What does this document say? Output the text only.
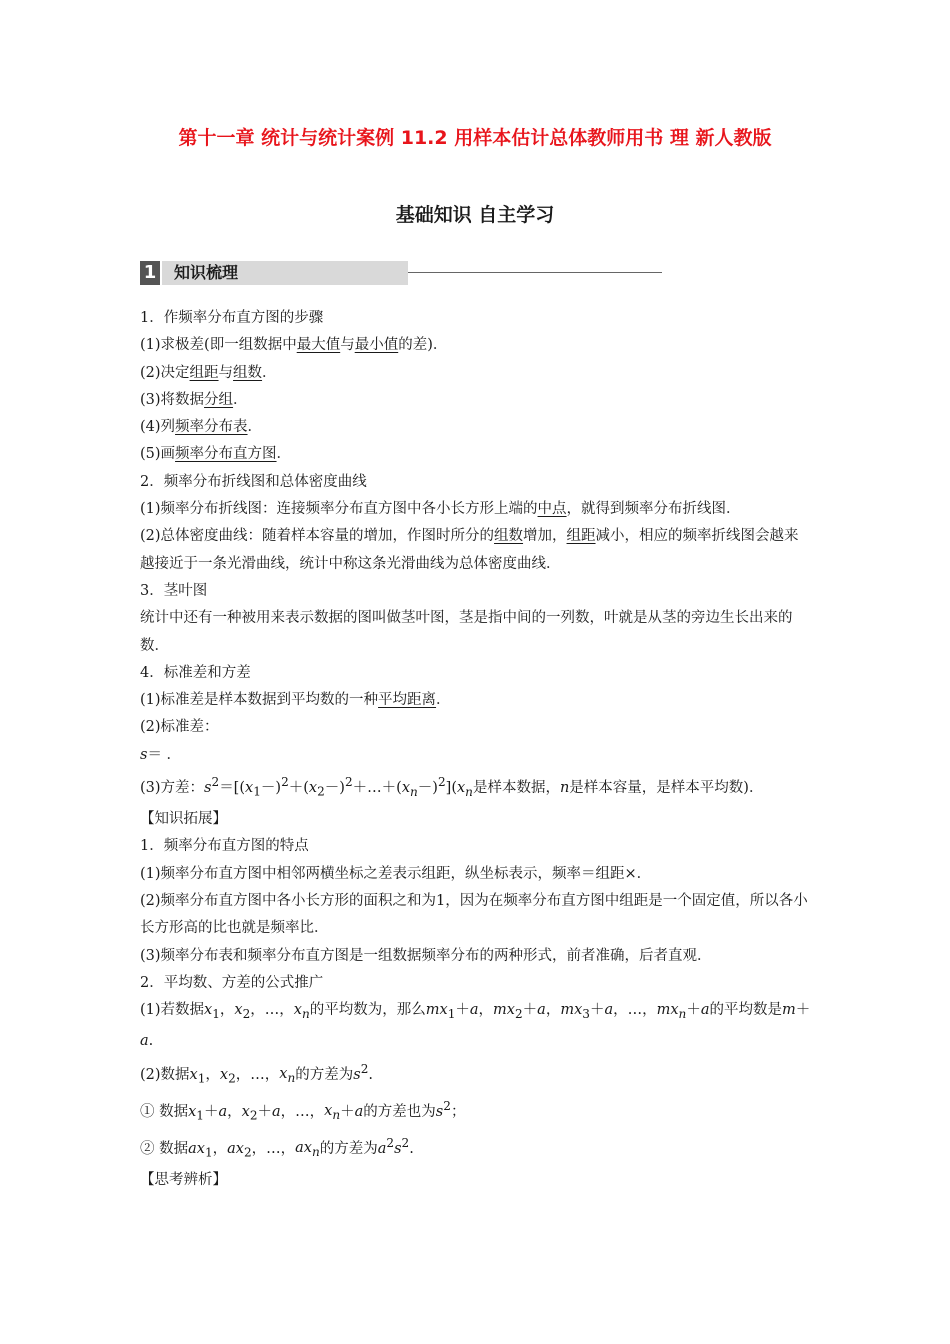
第十一章 统计与统计案例 11.2 用样本估计总体教师用书 理 新人教版
基础知识 自主学习
1	知识梳理

1．作频率分布直方图的步骤

(1)求极差(即一组数据中最大值与最小值的差)．

(2)决定组距与组数．

(3)将数据分组．

(4)列频率分布表．

(5)画频率分布直方图．

2．频率分布折线图和总体密度曲线

(1)频率分布折线图：连接频率分布直方图中各小长方形上端的中点，就得到频率分布折线图．

(2)总体密度曲线：随着样本容量的增加，作图时所分的组数增加，组距减小，相应的频率折线图会越来越接近于一条光滑曲线，统计中称这条光滑曲线为总体密度曲线．

3．茎叶图

统计中还有一种被用来表示数据的图叫做茎叶图，茎是指中间的一列数，叶就是从茎的旁边生长出来的数．

4．标准差和方差

(1)标准差是样本数据到平均数的一种平均距离．

(2)标准差：

s＝ ．

(3)方差：$s^2=[(x_1-)^2+(x_2-)^2+\dots+(x_n-)^2](x_n$是样本数据，n是样本容量，是样本平均数)．

【知识拓展】

1．频率分布直方图的特点

(1)频率分布直方图中相邻两横坐标之差表示组距，纵坐标表示，频率＝组距×．

(2)频率分布直方图中各小长方形的面积之和为1，因为在频率分布直方图中组距是一个固定值，所以各小长方形高的比也就是频率比．

(3)频率分布表和频率分布直方图是一组数据频率分布的两种形式，前者准确，后者直观．

2．平均数、方差的公式推广

(1)若数据$x_1$，$x_2$，…，$x_n$的平均数为，那么$mx_1+a$，$mx_2+a$，$mx_3+a$，…，$mx_n+a$的平均数是m＋a.

(2)数据$x_1$，$x_2$，…，$x_n$的方差为$s^2$.

① 数据$x_1+a$，$x_2+a$，…，$x_n+a$的方差也为$s^2$；

② 数据$ax_1$，$ax_2$，…，$ax_n$的方差为$a^2s^2$.

【思考辨析】
